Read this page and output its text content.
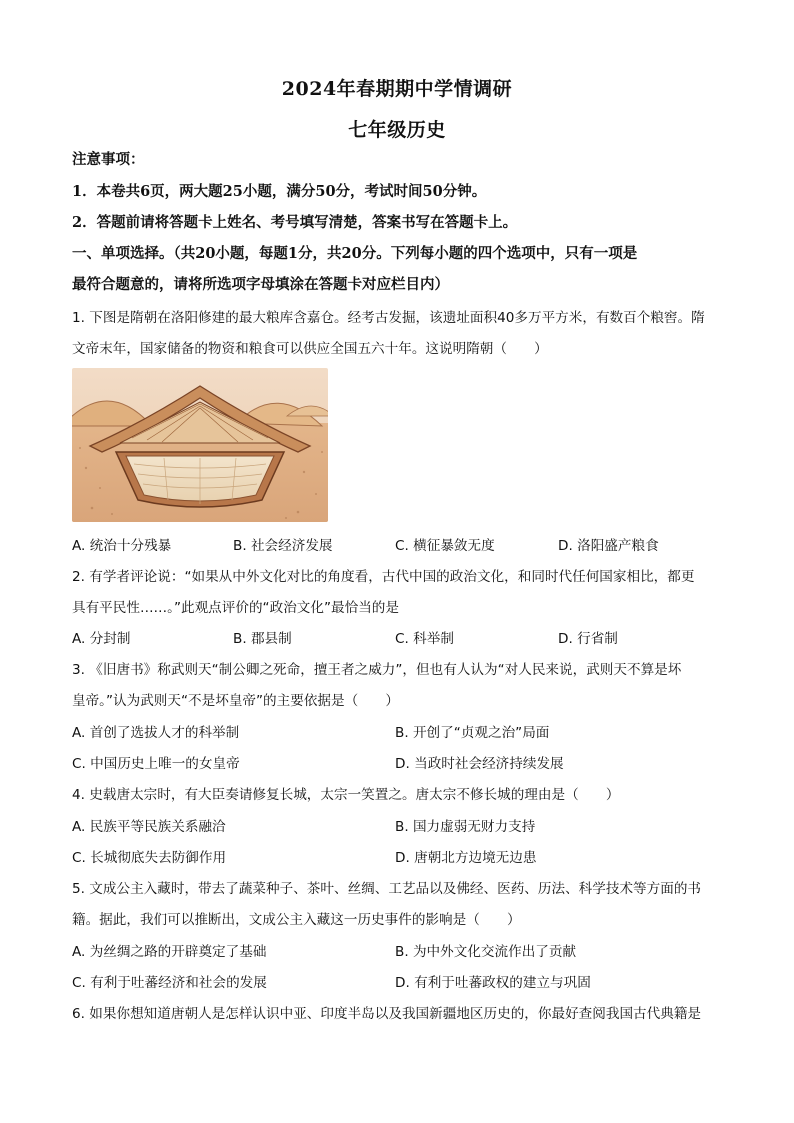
2024年春期期中学情调研
七年级历史
注意事项：
1．本卷共6页，两大题25小题，满分50分，考试时间50分钟。
2．答题前请将答题卡上姓名、考号填写清楚，答案书写在答题卡上。
一、单项选择。（共20小题，每题1分，共20分。下列每小题的四个选项中，只有一项是
最符合题意的，请将所选项字母填涂在答题卡对应栏目内）
1. 下图是隋朝在洛阳修建的最大粮库含嘉仓。经考古发掘，该遗址面积40多万平方米，有数百个粮窖。隋
文帝末年，国家储备的物资和粮食可以供应全国五六十年。这说明隋朝（　　）
A. 统治十分残暴	B. 社会经济发展	C. 横征暴敛无度	D. 洛阳盛产粮食
2. 有学者评论说：“如果从中外文化对比的角度看，古代中国的政治文化，和同时代任何国家相比，都更
具有平民性……。”此观点评价的“政治文化”最恰当的是
A. 分封制	B. 郡县制	C. 科举制	D. 行省制
3. 《旧唐书》称武则天“制公卿之死命，擅王者之威力”，但也有人认为“对人民来说，武则天不算是坏
皇帝。”认为武则天“不是坏皇帝”的主要依据是（　　）
A. 首创了选拔人才的科举制	B. 开创了“贞观之治”局面
C. 中国历史上唯一的女皇帝	D. 当政时社会经济持续发展
4. 史载唐太宗时，有大臣奏请修复长城，太宗一笑置之。唐太宗不修长城的理由是（　　）
A. 民族平等民族关系融洽	B. 国力虚弱无财力支持
C. 长城彻底失去防御作用	D. 唐朝北方边境无边患
5. 文成公主入藏时，带去了蔬菜种子、茶叶、丝绸、工艺品以及佛经、医药、历法、科学技术等方面的书
籍。据此，我们可以推断出，文成公主入藏这一历史事件的影响是（　　）
A. 为丝绸之路的开辟奠定了基础	B. 为中外文化交流作出了贡献
C. 有利于吐蕃经济和社会的发展	D. 有利于吐蕃政权的建立与巩固
6. 如果你想知道唐朝人是怎样认识中亚、印度半岛以及我国新疆地区历史的，你最好查阅我国古代典籍是
